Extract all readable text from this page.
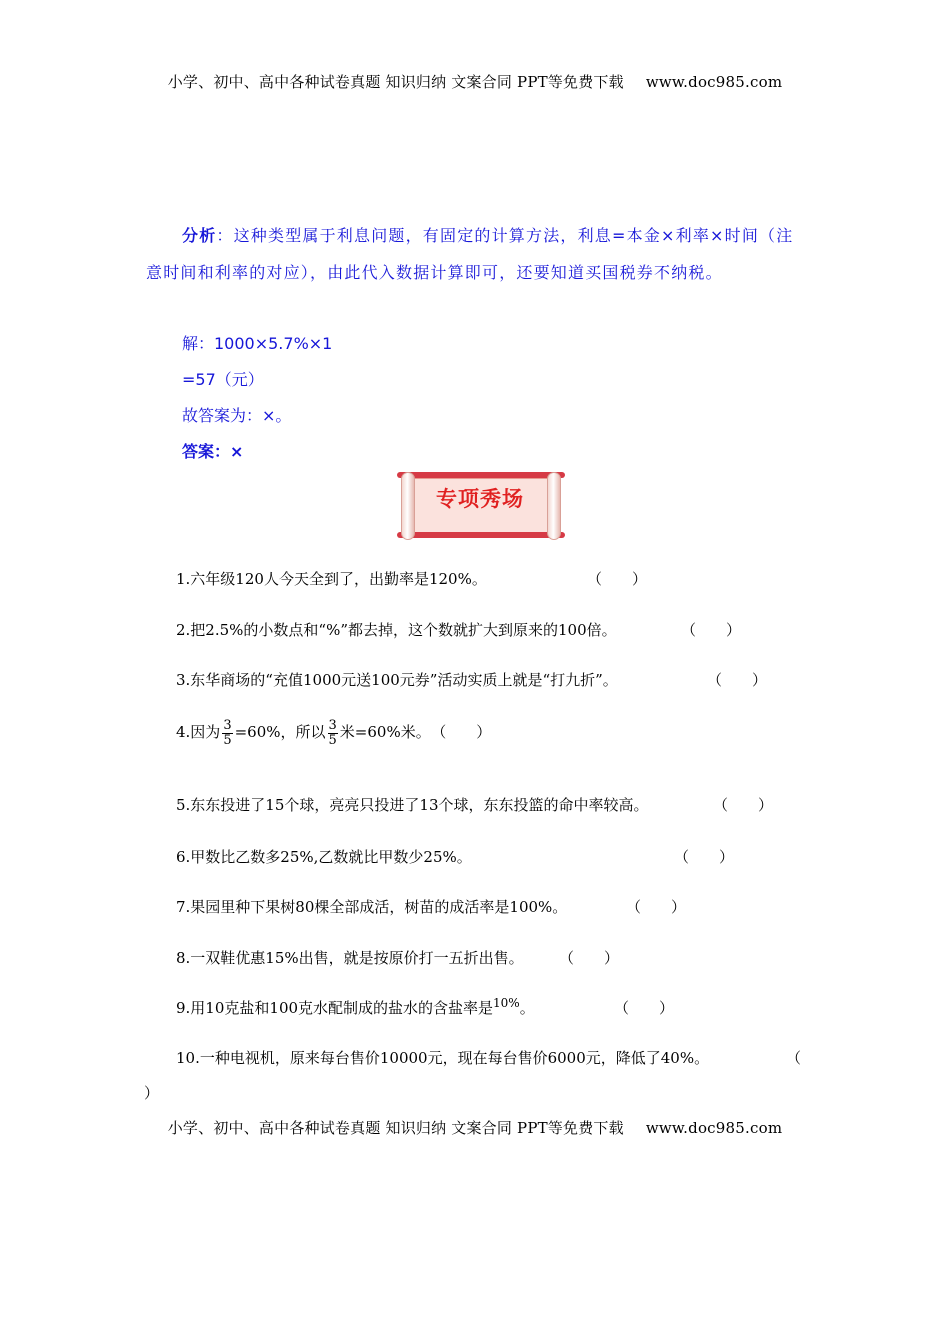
小学、初中、高中各种试卷真题 知识归纳 文案合同 PPT等免费下载 www.doc985.com
分析：这种类型属于利息问题，有固定的计算方法，利息=本金×利率×时间（注意时间和利率的对应），由此代入数据计算即可，还要知道买国税券不纳税。
解：1000×5.7%×1
=57（元）
故答案为：×。
答案：×
专项秀场
1.六年级120人今天全到了，出勤率是120%。	（　　）
2.把2.5%的小数点和“%”都去掉，这个数就扩大到原来的100倍。	（　　）
3.东华商场的“充值1000元送100元券”活动实质上就是“打九折”。	（　　）
4.因为 $\frac{3}{5} =60\%$，所以 $\frac{3}{5}$ 米=60%米。 （　　）
5.东东投进了15个球，亮亮只投进了13个球，东东投篮的命中率较高。	（　　）
6.甲数比乙数多25%,乙数就比甲数少25%。	（　　）
7.果园里种下果树80棵全部成活，树苗的成活率是100%。	（　　）
8.一双鞋优惠15%出售，就是按原价打一五折出售。 （　　）
9.用10克盐和100克水配制成的盐水的含盐率是$^{10\%}$。	（　　）
10.一种电视机，原来每台售价10000元，现在每台售价6000元，降低了40%。	（
）
小学、初中、高中各种试卷真题 知识归纳 文案合同 PPT等免费下载 www.doc985.com
